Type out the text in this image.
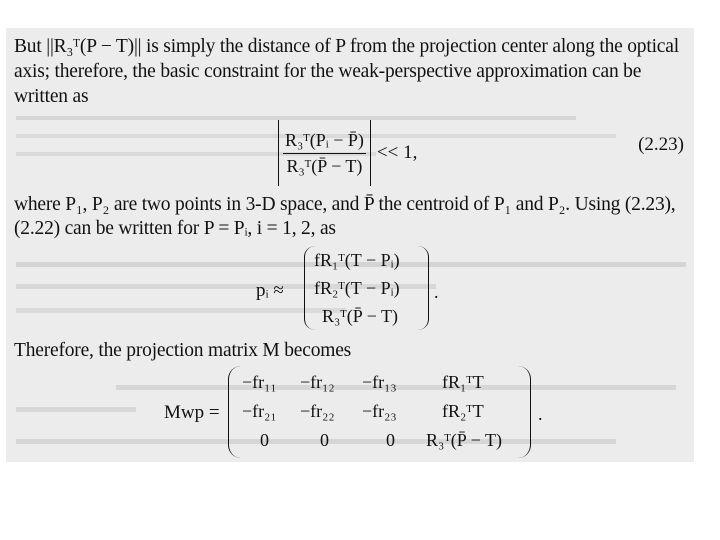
But ||R₃ᵀ(P − T)|| is simply the distance of P from the projection center along the optical
axis; therefore, the basic constraint for the weak-perspective approximation can be
written as
$\frac{\text{R₃ᵀ(Pᵢ − P̄)}}{\text{R₃ᵀ(P̄ − T)}} << 1$,	(2.23)
where P₁, P₂ are two points in 3-D space, and P̄ the centroid of P₁ and P₂. Using (2.23),
(2.22) can be written for P = Pᵢ, i = 1, 2, as
pᵢ ≈
fR₁ᵀ(T − Pᵢ)
fR₂ᵀ(T − Pᵢ)
R₃ᵀ(P̄ − T)
.
Therefore, the projection matrix M becomes
Mwp =
−fr₁₁ −fr₁₂ −fr₁₃	fR₁ᵀT
−fr₂₁ −fr₂₂ −fr₂₃	fR₂ᵀT
0	0	0 R₃ᵀ(P̄ − T)
.
